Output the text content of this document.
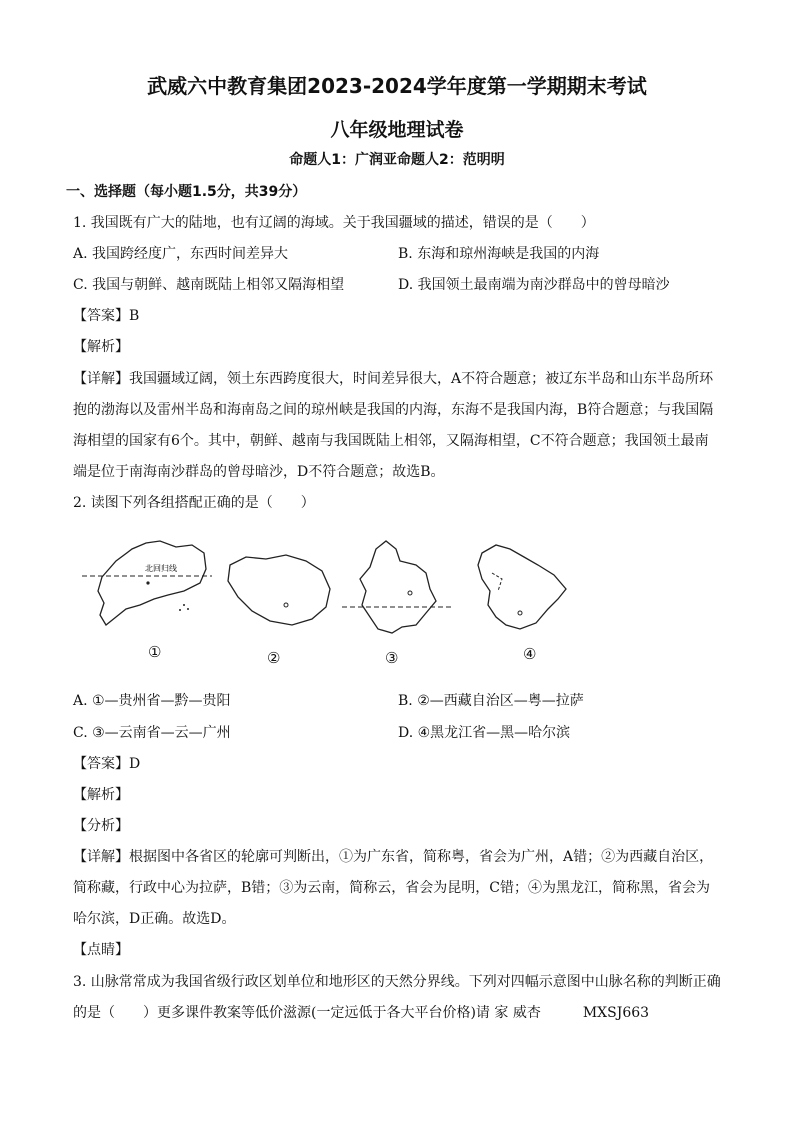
武威六中教育集团2023-2024学年度第一学期期末考试
八年级地理试卷
命题人1：广润亚命题人2：范明明
一、选择题（每小题1.5分，共39分）
1. 我国既有广大的陆地，也有辽阔的海域。关于我国疆域的描述，错误的是（　　）
A. 我国跨经度广，东西时间差异大	B. 东海和琼州海峡是我国的内海
C. 我国与朝鲜、越南既陆上相邻又隔海相望	D. 我国领土最南端为南沙群岛中的曾母暗沙
【答案】B
【解析】
【详解】我国疆域辽阔，领土东西跨度很大，时间差异很大，A不符合题意；被辽东半岛和山东半岛所环
抱的渤海以及雷州半岛和海南岛之间的琼州峡是我国的内海，东海不是我国内海，B符合题意；与我国隔
海相望的国家有6个。其中，朝鲜、越南与我国既陆上相邻，又隔海相望，C不符合题意；我国领土最南
端是位于南海南沙群岛的曾母暗沙，D不符合题意；故选B。
2. 读图下列各组搭配正确的是（　　）
北回归线
①	②	③	④
A. ①—贵州省—黔—贵阳	B. ②—西藏自治区—粤—拉萨
C. ③—云南省—云—广州	D. ④黑龙江省—黑—哈尔滨
【答案】D
【解析】
【分析】
【详解】根据图中各省区的轮廓可判断出，①为广东省，简称粤，省会为广州，A错；②为西藏自治区，
简称藏，行政中心为拉萨，B错；③为云南，简称云，省会为昆明，C错；④为黑龙江，简称黑，省会为
哈尔滨，D正确。故选D。
【点睛】
3. 山脉常常成为我国省级行政区划单位和地形区的天然分界线。下列对四幅示意图中山脉名称的判断正确
的是（　　）更多课件教案等低价滋源(一定远低于各大平台价格)请 家 威杏　　　MXSJ663
